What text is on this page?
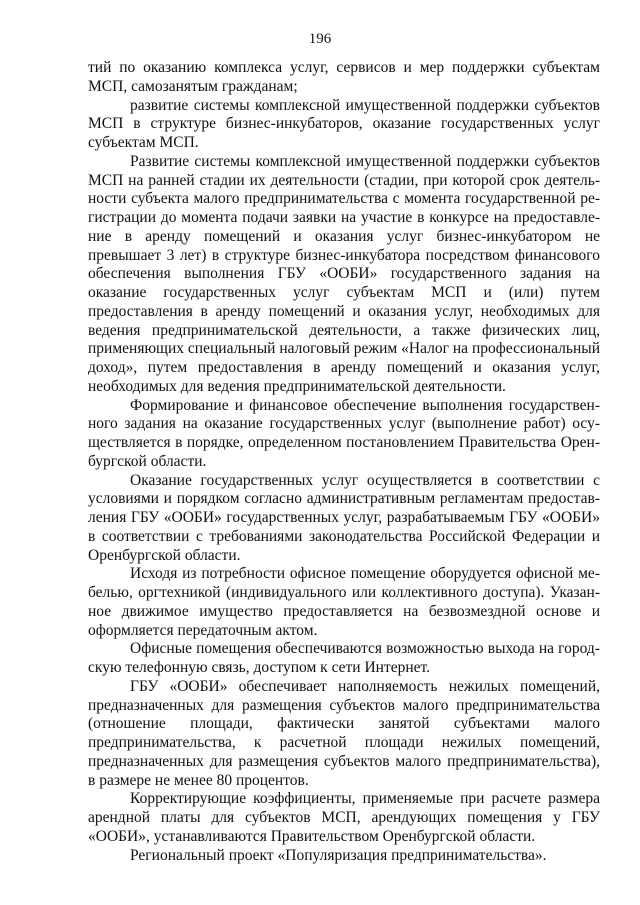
196

тий по оказанию комплекса услуг, сервисов и мер поддержки субъектам МСП, самозанятым гражданам;

развитие системы комплексной имущественной поддержки субъектов МСП в структуре бизнес-инкубаторов, оказание государственных услуг субъектам МСП.

Развитие системы комплексной имущественной поддержки субъектов МСП на ранней стадии их деятельности (стадии, при которой срок деятельности субъекта малого предпринимательства с момента государственной регистрации до момента подачи заявки на участие в конкурсе на предоставление в аренду помещений и оказания услуг бизнес-инкубатором не превышает 3 лет) в структуре бизнес-инкубатора посредством финансового обеспечения выполнения ГБУ «ООБИ» государственного задания на оказание государственных услуг субъектам МСП и (или) путем предоставления в аренду помещений и оказания услуг, необходимых для ведения предпринимательской деятельности, а также физических лиц, применяющих специальный налоговый режим «Налог на профессиональный доход», путем предоставления в аренду помещений и оказания услуг, необходимых для ведения предпринимательской деятельности.

Формирование и финансовое обеспечение выполнения государственного задания на оказание государственных услуг (выполнение работ) осуществляется в порядке, определенном постановлением Правительства Оренбургской области.

Оказание государственных услуг осуществляется в соответствии с условиями и порядком согласно административным регламентам предоставления ГБУ «ООБИ» государственных услуг, разрабатываемым ГБУ «ООБИ» в соответствии с требованиями законодательства Российской Федерации и Оренбургской области.

Исходя из потребности офисное помещение оборудуется офисной мебелью, оргтехникой (индивидуального или коллективного доступа). Указанное движимое имущество предоставляется на безвозмездной основе и оформляется передаточным актом.

Офисные помещения обеспечиваются возможностью выхода на городскую телефонную связь, доступом к сети Интернет.

ГБУ «ООБИ» обеспечивает наполняемость нежилых помещений, предназначенных для размещения субъектов малого предпринимательства (отношение площади, фактически занятой субъектами малого предпринимательства, к расчетной площади нежилых помещений, предназначенных для размещения субъектов малого предпринимательства), в размере не менее 80 процентов.

Корректирующие коэффициенты, применяемые при расчете размера арендной платы для субъектов МСП, арендующих помещения у ГБУ «ООБИ», устанавливаются Правительством Оренбургской области.

Региональный проект «Популяризация предпринимательства».
